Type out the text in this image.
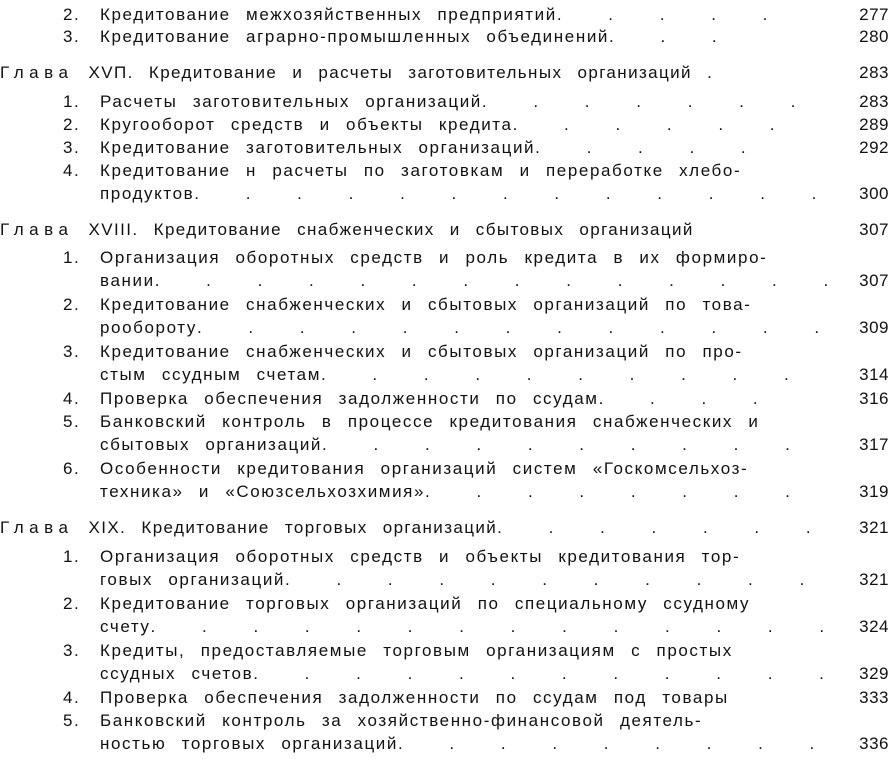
2. Кредитование межхозяйственных предприятий. . . . .	277
3. Кредитование аграрно-промышленных объединений. . .	280
Глава XVП. Кредитование и расчеты заготовительных организаций .	283
1. Расчеты заготовительных организаций. . . . . . .	283
2. Кругооборот средств и объекты кредита. . . . . .	289
3. Кредитование заготовительных организаций. . . . .	292
4. Кредитование н расчеты по заготовкам и переработке хлебо-
продуктов. . . . . . . . . . . . . 300
Глава XVIII. Кредитование снабженческих и сбытовых организаций	307
1. Организация оборотных средств и роль кредита в их формиро-
вании. . . . . . . . . . . . . . 307
2. Кредитование снабженческих и сбытовых организаций по това-
рообороту. . . . . . . . . . . . . 309
3. Кредитование снабженческих и сбытовых организаций по про-
стым ссудным счетам. . . . . . . . . .	314
4. Проверка обеспечения задолженности по ссудам. . . .	316
5. Банковский контроль в процессе кредитования снабженческих и
сбытовых организаций. . . . . . . . . .	317
6. Особенности кредитования организаций систем «Госкомсельхоз-
техника» и «Союзсельхозхимия». . . . . . . .	319
Глава XIX. Кредитование торговых организаций. . . . . . . 321
1. Организация оборотных средств и объекты кредитования тор-
говых организаций. . . . . . . . . . . 321
2. Кредитование торговых организаций по специальному ссудному
счету. . . . . . . . . . . . . . 324
3. Кредиты, предоставляемые торговым организациям с простых
ссудных счетов. . . . . . . . . . . . 329
4. Проверка обеспечения задолженности по ссудам под товары	333
5. Банковский контроль за хозяйственно-финансовой деятель-
ностью торговых организаций. . . . . . . . . 336
